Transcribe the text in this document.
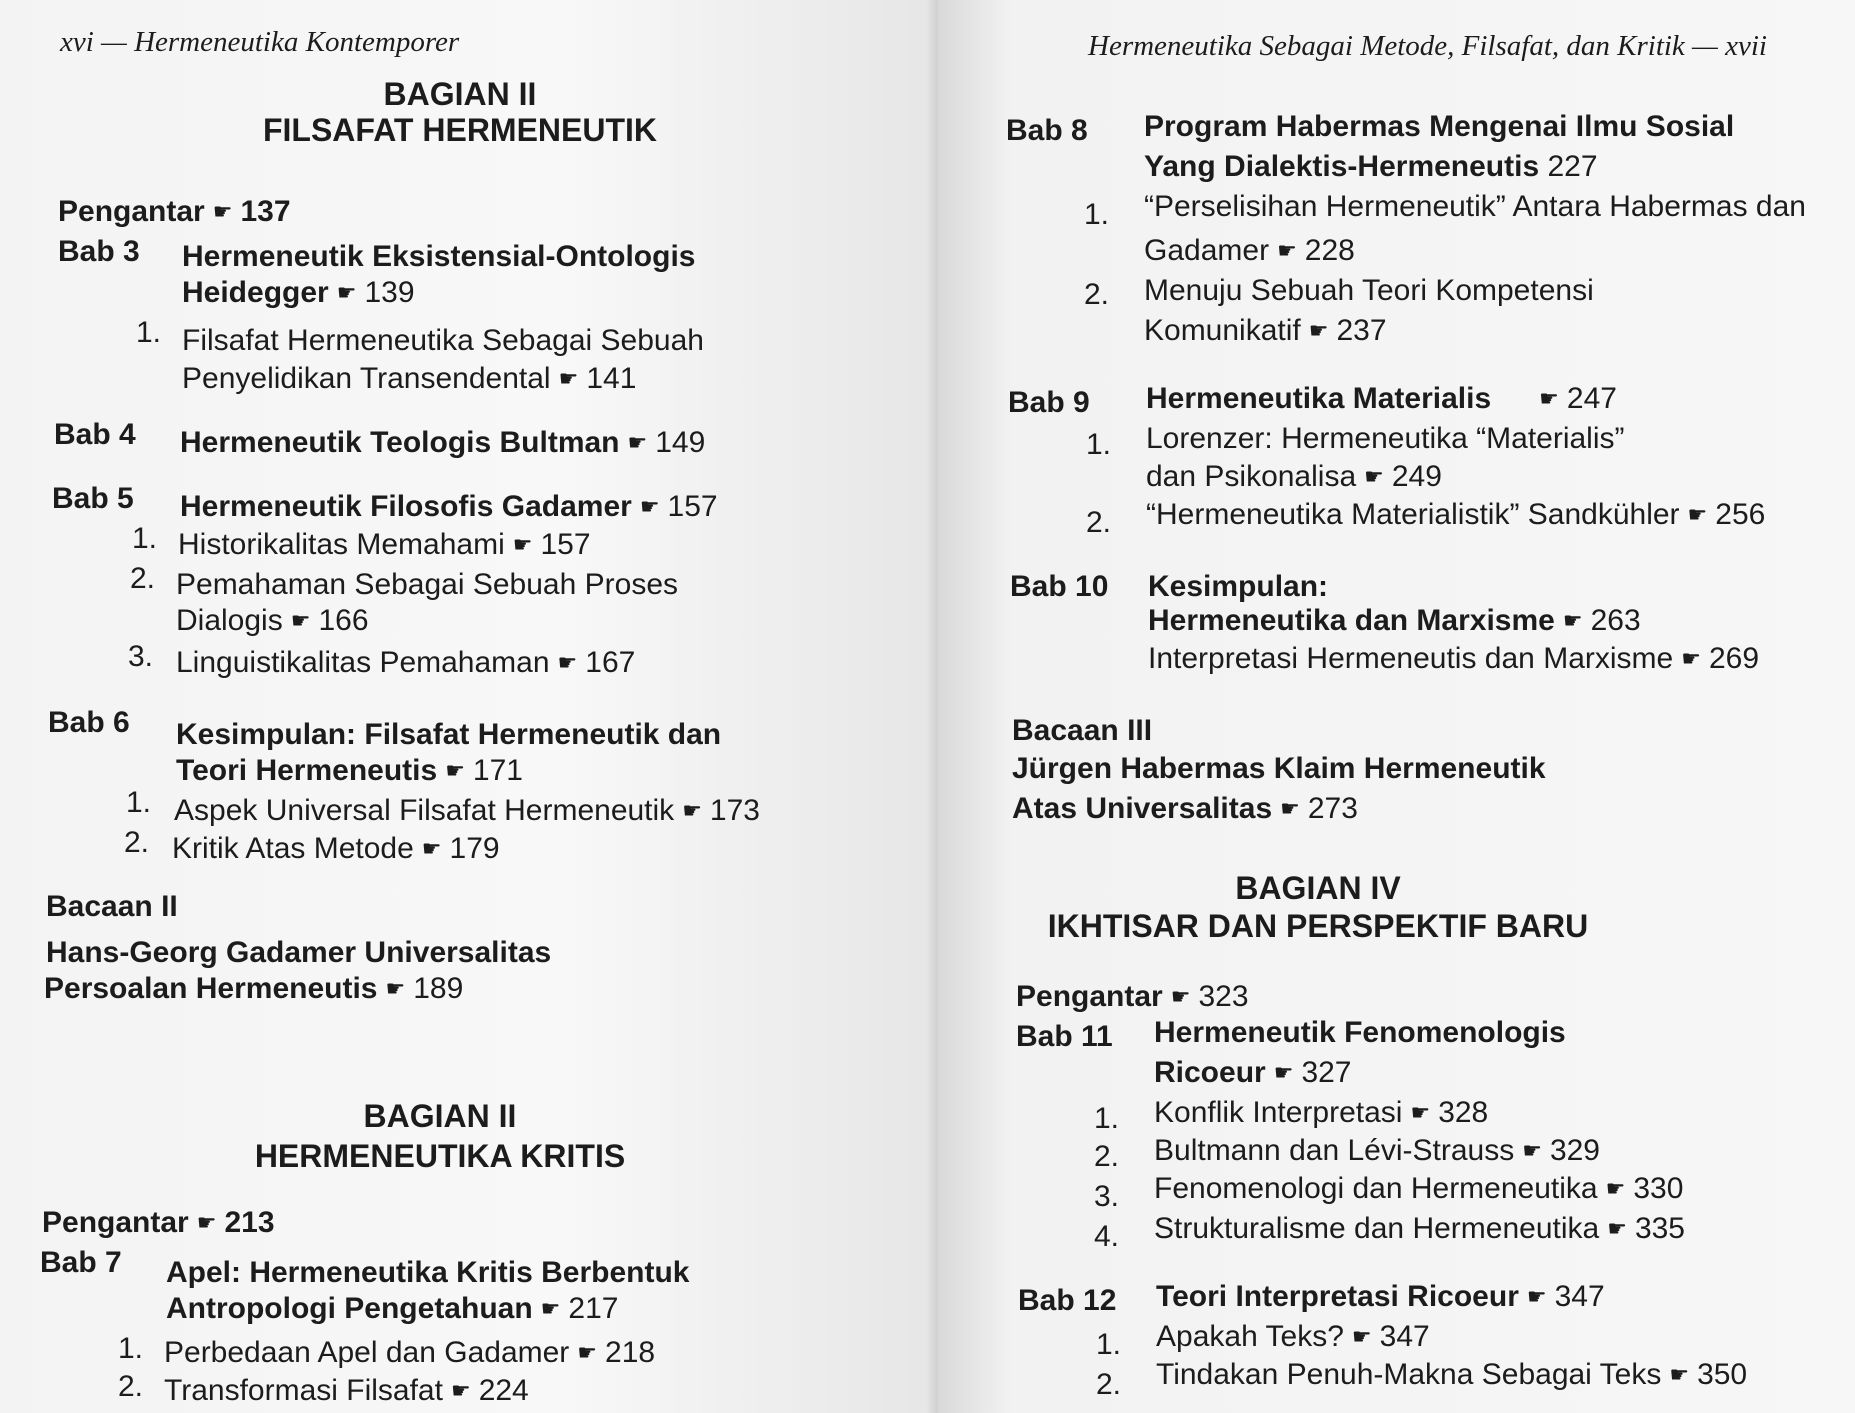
xvi — Hermeneutika Kontemporer
BAGIAN II
FILSAFAT HERMENEUTIK
Pengantar ☛ 137
Bab 3 Hermeneutik Eksistensial-Ontologis
Heidegger ☛ 139
1. Filsafat Hermeneutika Sebagai Sebuah
Penyelidikan Transendental ☛ 141
Bab 4 Hermeneutik Teologis Bultman ☛ 149
Bab 5 Hermeneutik Filosofis Gadamer ☛ 157
1. Historikalitas Memahami ☛ 157
2. Pemahaman Sebagai Sebuah Proses
Dialogis ☛ 166
3. Linguistikalitas Pemahaman ☛ 167
Bab 6 Kesimpulan: Filsafat Hermeneutik dan
Teori Hermeneutis ☛ 171
1. Aspek Universal Filsafat Hermeneutik ☛ 173
2. Kritik Atas Metode ☛ 179
Bacaan II
Hans-Georg Gadamer Universalitas
Persoalan Hermeneutis ☛ 189
BAGIAN II
HERMENEUTIKA KRITIS
Pengantar ☛ 213
Bab 7 Apel: Hermeneutika Kritis Berbentuk
Antropologi Pengetahuan ☛ 217
1. Perbedaan Apel dan Gadamer ☛ 218
2. Transformasi Filsafat ☛ 224
Hermeneutika Sebagai Metode, Filsafat, dan Kritik — xvii
Bab 8 Program Habermas Mengenai Ilmu Sosial
Yang Dialektis-Hermeneutis 227
1. “Perselisihan Hermeneutik” Antara Habermas dan
Gadamer ☛ 228
2. Menuju Sebuah Teori Kompetensi
Komunikatif ☛ 237
Bab 9 Hermeneutika Materialis ☛ 247
1. Lorenzer: Hermeneutika “Materialis”
dan Psikonalisa ☛ 249
2. “Hermeneutika Materialistik” Sandkühler ☛ 256
Bab 10 Kesimpulan:
Hermeneutika dan Marxisme ☛ 263
Interpretasi Hermeneutis dan Marxisme ☛ 269
Bacaan III
Jürgen Habermas Klaim Hermeneutik
Atas Universalitas ☛ 273
BAGIAN IV
IKHTISAR DAN PERSPEKTIF BARU
Pengantar ☛ 323
Bab 11 Hermeneutik Fenomenologis
Ricoeur ☛ 327
1. Konflik Interpretasi ☛ 328
2. Bultmann dan Lévi-Strauss ☛ 329
3. Fenomenologi dan Hermeneutika ☛ 330
4. Strukturalisme dan Hermeneutika ☛ 335
Bab 12 Teori Interpretasi Ricoeur ☛ 347
1. Apakah Teks? ☛ 347
2. Tindakan Penuh-Makna Sebagai Teks ☛ 350
